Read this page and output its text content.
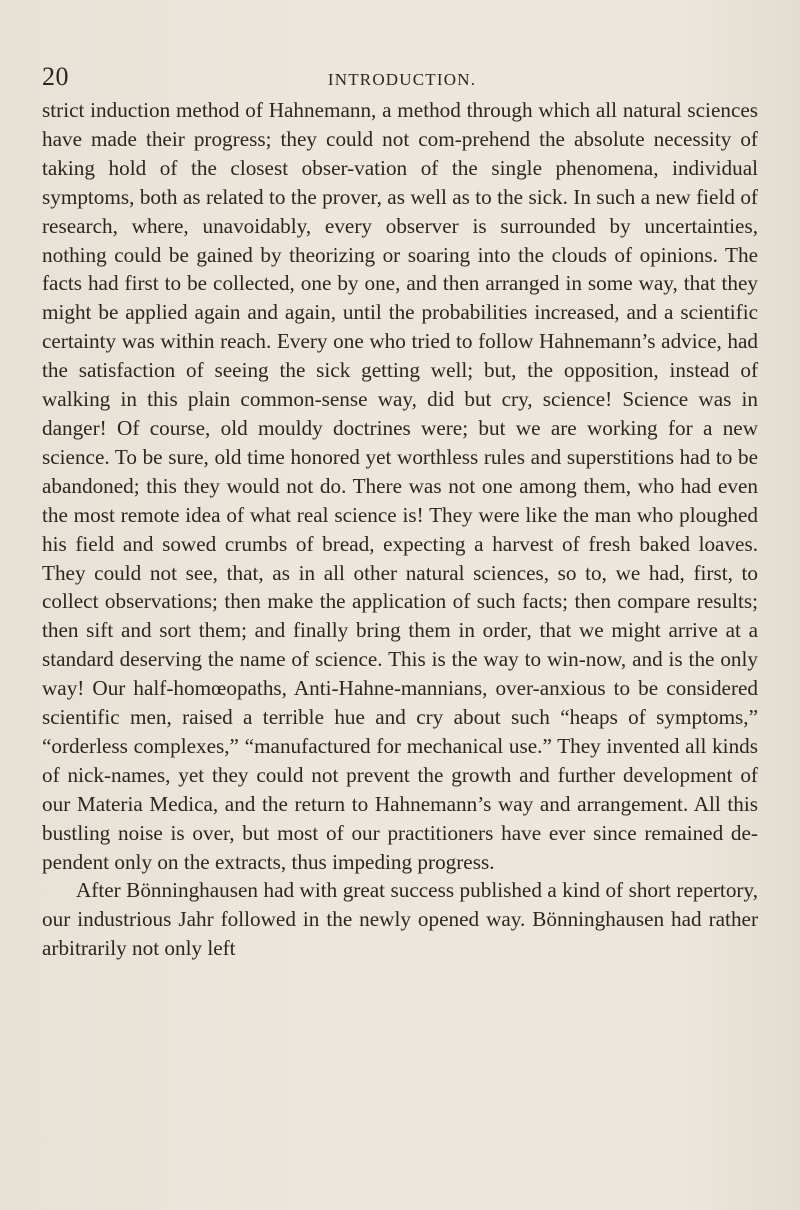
20	INTRODUCTION.

strict induction method of Hahnemann, a method through which all natural sciences have made their progress; they could not com-prehend the absolute necessity of taking hold of the closest obser-vation of the single phenomena, individual symptoms, both as related to the prover, as well as to the sick. In such a new field of research, where, unavoidably, every observer is surrounded by uncertainties, nothing could be gained by theorizing or soaring into the clouds of opinions. The facts had first to be collected, one by one, and then arranged in some way, that they might be applied again and again, until the probabilities increased, and a scientific certainty was within reach. Every one who tried to follow Hahnemann’s advice, had the satisfaction of seeing the sick getting well; but, the opposition, instead of walking in this plain common-sense way, did but cry, science! Science was in danger! Of course, old mouldy doctrines were; but we are working for a new science. To be sure, old time honored yet worthless rules and superstitions had to be abandoned; this they would not do. There was not one among them, who had even the most remote idea of what real science is! They were like the man who ploughed his field and sowed crumbs of bread, expecting a harvest of fresh baked loaves. They could not see, that, as in all other natural sciences, so to, we had, first, to collect observations; then make the application of such facts; then compare results; then sift and sort them; and finally bring them in order, that we might arrive at a standard deserving the name of science. This is the way to win-now, and is the only way! Our half-homœopaths, Anti-Hahne-mannians, over-anxious to be considered scientific men, raised a terrible hue and cry about such “heaps of symptoms,” “orderless complexes,” “manufactured for mechanical use.” They invented all kinds of nick-names, yet they could not prevent the growth and further development of our Materia Medica, and the return to Hahnemann’s way and arrangement. All this bustling noise is over, but most of our practitioners have ever since remained de-pendent only on the extracts, thus impeding progress.

After Bönninghausen had with great success published a kind of short repertory, our industrious Jahr followed in the newly opened way. Bönninghausen had rather arbitrarily not only left
